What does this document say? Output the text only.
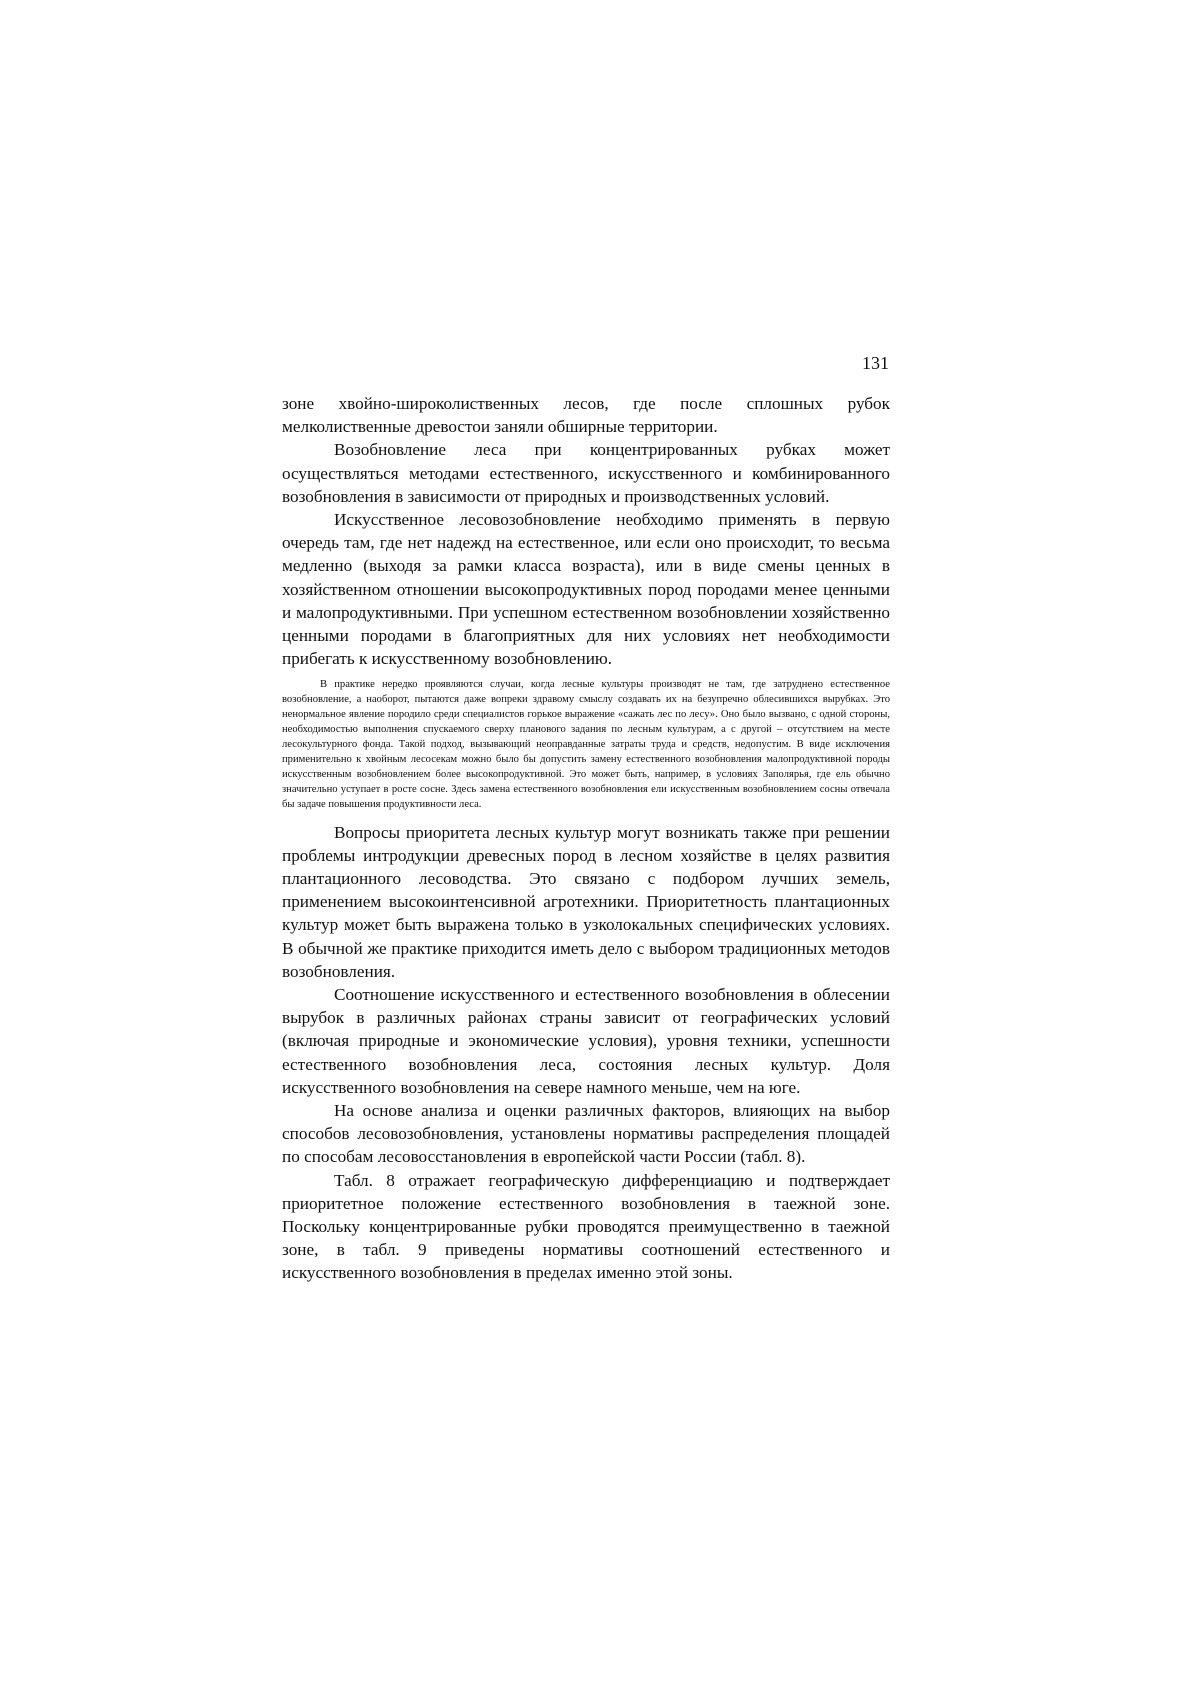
131

зоне хвойно-широколиственных лесов, где после сплошных рубок мелколиственные древостои заняли обширные территории.

Возобновление леса при концентрированных рубках может осуществляться методами естественного, искусственного и комбинированного возобновления в зависимости от природных и производственных условий.

Искусственное лесовозобновление необходимо применять в первую очередь там, где нет надежд на естественное, или если оно происходит, то весьма медленно (выходя за рамки класса возраста), или в виде смены ценных в хозяйственном отношении высокопродуктивных пород породами менее ценными и малопродуктивными. При успешном естественном возобновлении хозяйственно ценными породами в благоприятных для них условиях нет необходимости прибегать к искусственному возобновлению.

В практике нередко проявляются случаи, когда лесные культуры производят не там, где затруднено естественное возобновление, а наоборот, пытаются даже вопреки здравому смыслу создавать их на безупречно облесившихся вырубках. Это ненормальное явление породило среди специалистов горькое выражение «сажать лес по лесу». Оно было вызвано, с одной стороны, необходимостью выполнения спускаемого сверху планового задания по лесным культурам, а с другой – отсутствием на месте лесокультурного фонда. Такой подход, вызывающий неоправданные затраты труда и средств, недопустим. В виде исключения применительно к хвойным лесосекам можно было бы допустить замену естественного возобновления малопродуктивной породы искусственным возобновлением более высокопродуктивной. Это может быть, например, в условиях Заполярья, где ель обычно значительно уступает в росте сосне. Здесь замена естественного возобновления ели искусственным возобновлением сосны отвечала бы задаче повышения продуктивности леса.

Вопросы приоритета лесных культур могут возникать также при решении проблемы интродукции древесных пород в лесном хозяйстве в целях развития плантационного лесоводства. Это связано с подбором лучших земель, применением высокоинтенсивной агротехники. Приоритетность плантационных культур может быть выражена только в узколокальных специфических условиях. В обычной же практике приходится иметь дело с выбором традиционных методов возобновления.

Соотношение искусственного и естественного возобновления в облесении вырубок в различных районах страны зависит от географических условий (включая природные и экономические условия), уровня техники, успешности естественного возобновления леса, состояния лесных культур. Доля искусственного возобновления на севере намного меньше, чем на юге.

На основе анализа и оценки различных факторов, влияющих на выбор способов лесовозобновления, установлены нормативы распределения площадей по способам лесовосстановления в европейской части России (табл. 8).

Табл. 8 отражает географическую дифференциацию и подтверждает приоритетное положение естественного возобновления в таежной зоне. Поскольку концентрированные рубки проводятся преимущественно в таежной зоне, в табл. 9 приведены нормативы соотношений естественного и искусственного возобновления в пределах именно этой зоны.
